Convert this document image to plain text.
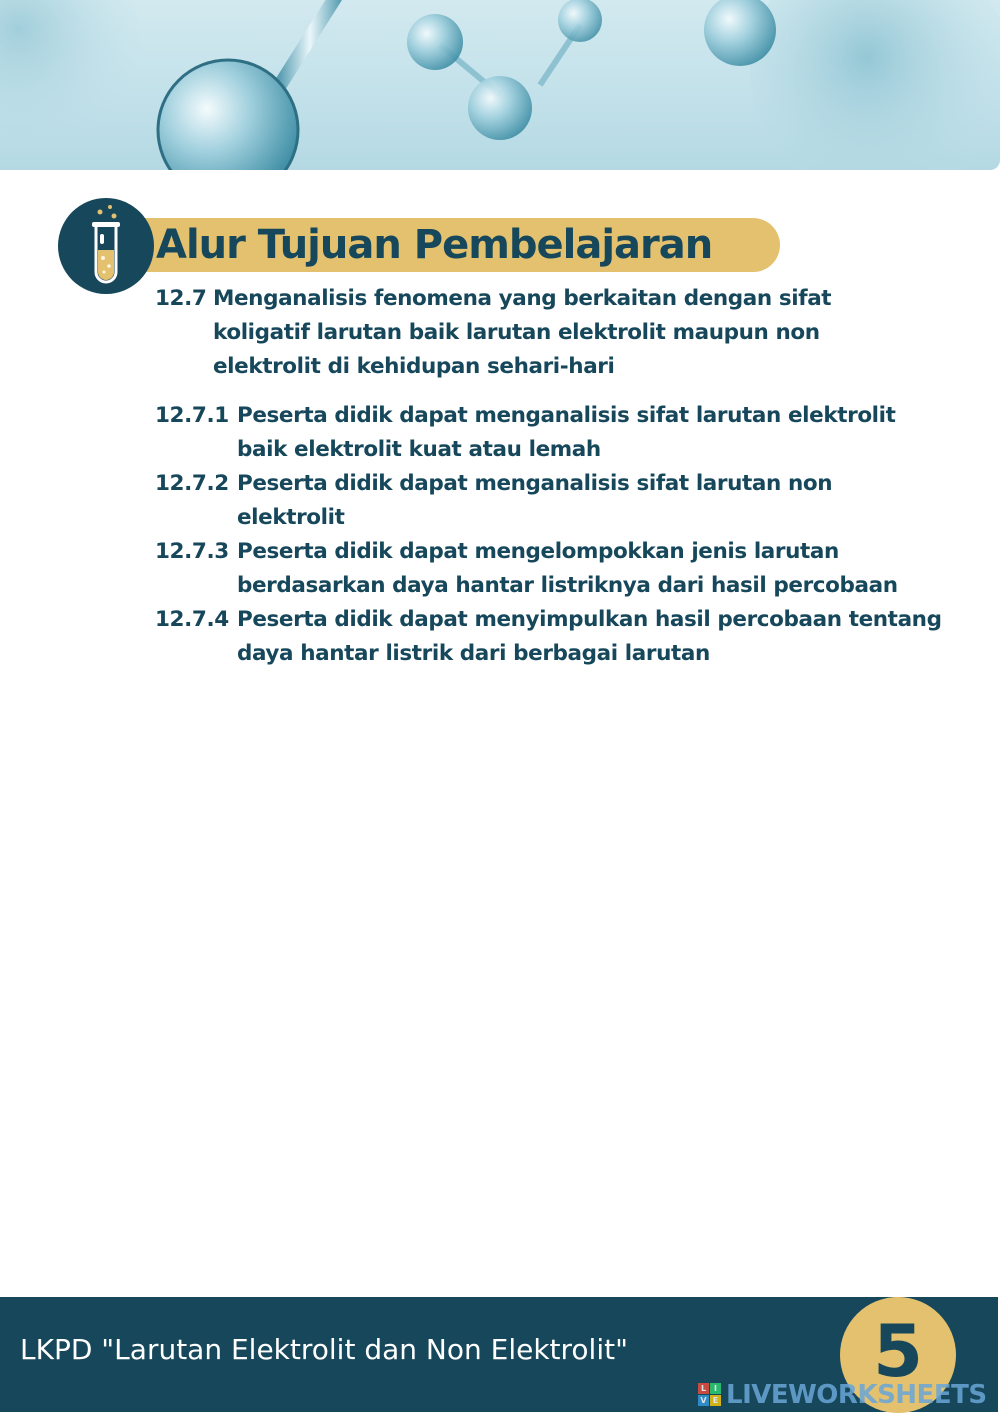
Alur Tujuan Pembelajaran
12.7 Menganalisis fenomena yang berkaitan dengan sifat koligatif larutan baik larutan elektrolit maupun non elektrolit di kehidupan sehari-hari
12.7.1 Peserta didik dapat menganalisis sifat larutan elektrolit baik elektrolit kuat atau lemah
12.7.2 Peserta didik dapat menganalisis sifat larutan non elektrolit
12.7.3 Peserta didik dapat mengelompokkan jenis larutan berdasarkan daya hantar listriknya dari hasil percobaan
12.7.4 Peserta didik dapat menyimpulkan hasil percobaan tentang daya hantar listrik dari berbagai larutan
LKPD "Larutan Elektrolit dan Non Elektrolit"	5
L I
V E LIVEWORKSHEETS
